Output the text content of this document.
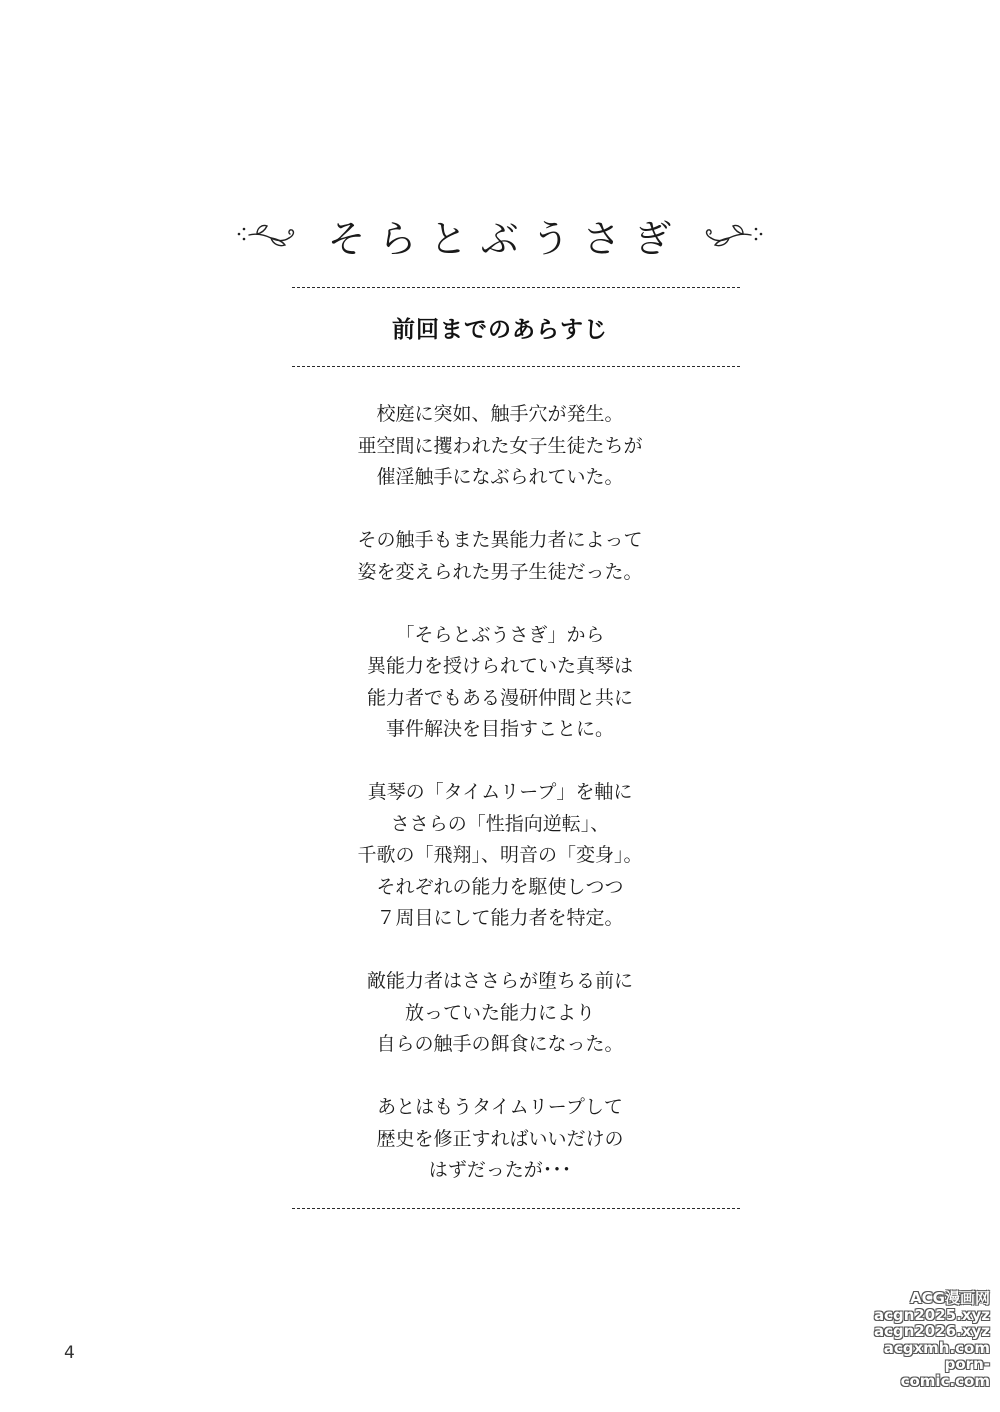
そらとぶうさぎ
前回までのあらすじ

校庭に突如、触手穴が発生。
亜空間に攫われた女子生徒たちが
催淫触手になぶられていた。

その触手もまた異能力者によって
姿を変えられた男子生徒だった。

「そらとぶうさぎ」から
異能力を授けられていた真琴は
能力者でもある漫研仲間と共に
事件解決を目指すことに。

真琴の「タイムリープ」を軸に
ささらの「性指向逆転」、
千歌の「飛翔」、明音の「変身」。
それぞれの能力を駆使しつつ
７周目にして能力者を特定。

敵能力者はささらが堕ちる前に
放っていた能力により
自らの触手の餌食になった。

あとはもうタイムリープして
歴史を修正すればいいだけの
はずだったが･･･

4
ACG漫画网
acgn2025.xyz
acgn2026.xyz
acgxmh.com
porn-comic.com
